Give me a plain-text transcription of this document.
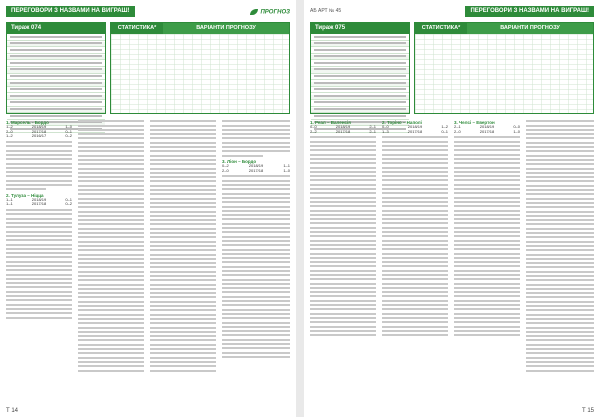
ПЕРЕГОВОРИ З НАЗВАМИ НА ВИГРАШ!	ПРОГНОЗ
Тираж 074	СТАТИСТИКА*	ВАРІАНТИ ПРОГНОЗУ
1. Марсель - Бордо
1–2	2018/19	1–0
2–0	2017/18	0–1
1–2	2016/17	0–2
2. Тулуза – Ніцца
1–1	2018/19	0–1
1–1	2017/18	0–2
3. Ліон – Бордо
0–2	2018/19	1–1
2–0	2017/18	1–0
Т 14
АБ АРТ № 45	ПЕРЕГОВОРИ З НАЗВАМИ НА ВИГРАШ!
Тираж 075	СТАТИСТИКА*	ВАРІАНТИ ПРОГНОЗУ
1. Реал – Валенсія
0–0	2018/19	2–1
2–2	2017/18	2–1
2. Торіно – Наполі
0–0	2018/19	1–2
1–3	2017/18	0–1
3. Челсі – Евертон
2–1	2018/19	0–0
2–0	2017/18	1–0
Т 15
